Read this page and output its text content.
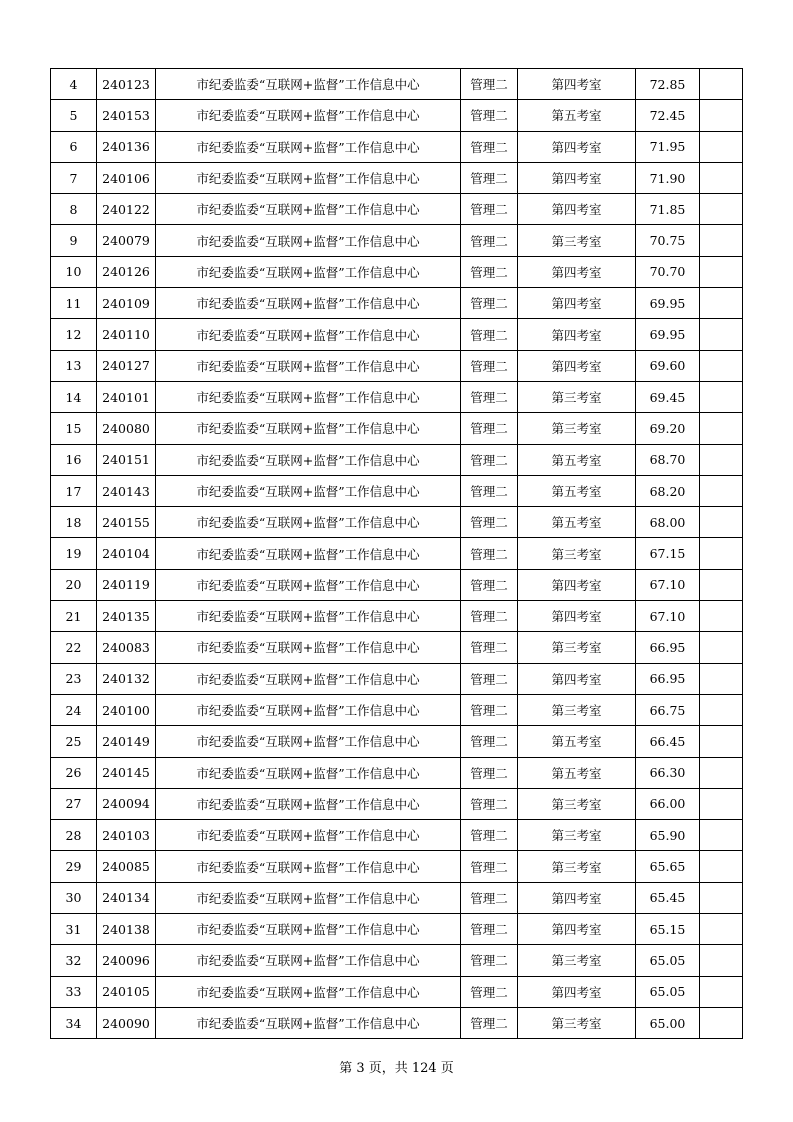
4	240123	市纪委监委“互联网+监督”工作信息中心	管理二	第四考室	72.85	
5	240153	市纪委监委“互联网+监督”工作信息中心	管理二	第五考室	72.45	
6	240136	市纪委监委“互联网+监督”工作信息中心	管理二	第四考室	71.95	
7	240106	市纪委监委“互联网+监督”工作信息中心	管理二	第四考室	71.90	
8	240122	市纪委监委“互联网+监督”工作信息中心	管理二	第四考室	71.85	
9	240079	市纪委监委“互联网+监督”工作信息中心	管理二	第三考室	70.75	
10	240126	市纪委监委“互联网+监督”工作信息中心	管理二	第四考室	70.70	
11	240109	市纪委监委“互联网+监督”工作信息中心	管理二	第四考室	69.95	
12	240110	市纪委监委“互联网+监督”工作信息中心	管理二	第四考室	69.95	
13	240127	市纪委监委“互联网+监督”工作信息中心	管理二	第四考室	69.60	
14	240101	市纪委监委“互联网+监督”工作信息中心	管理二	第三考室	69.45	
15	240080	市纪委监委“互联网+监督”工作信息中心	管理二	第三考室	69.20	
16	240151	市纪委监委“互联网+监督”工作信息中心	管理二	第五考室	68.70	
17	240143	市纪委监委“互联网+监督”工作信息中心	管理二	第五考室	68.20	
18	240155	市纪委监委“互联网+监督”工作信息中心	管理二	第五考室	68.00	
19	240104	市纪委监委“互联网+监督”工作信息中心	管理二	第三考室	67.15	
20	240119	市纪委监委“互联网+监督”工作信息中心	管理二	第四考室	67.10	
21	240135	市纪委监委“互联网+监督”工作信息中心	管理二	第四考室	67.10	
22	240083	市纪委监委“互联网+监督”工作信息中心	管理二	第三考室	66.95	
23	240132	市纪委监委“互联网+监督”工作信息中心	管理二	第四考室	66.95	
24	240100	市纪委监委“互联网+监督”工作信息中心	管理二	第三考室	66.75	
25	240149	市纪委监委“互联网+监督”工作信息中心	管理二	第五考室	66.45	
26	240145	市纪委监委“互联网+监督”工作信息中心	管理二	第五考室	66.30	
27	240094	市纪委监委“互联网+监督”工作信息中心	管理二	第三考室	66.00	
28	240103	市纪委监委“互联网+监督”工作信息中心	管理二	第三考室	65.90	
29	240085	市纪委监委“互联网+监督”工作信息中心	管理二	第三考室	65.65	
30	240134	市纪委监委“互联网+监督”工作信息中心	管理二	第四考室	65.45	
31	240138	市纪委监委“互联网+监督”工作信息中心	管理二	第四考室	65.15	
32	240096	市纪委监委“互联网+监督”工作信息中心	管理二	第三考室	65.05	
33	240105	市纪委监委“互联网+监督”工作信息中心	管理二	第四考室	65.05	
34	240090	市纪委监委“互联网+监督”工作信息中心	管理二	第三考室	65.00	
第 3 页，共 124 页
